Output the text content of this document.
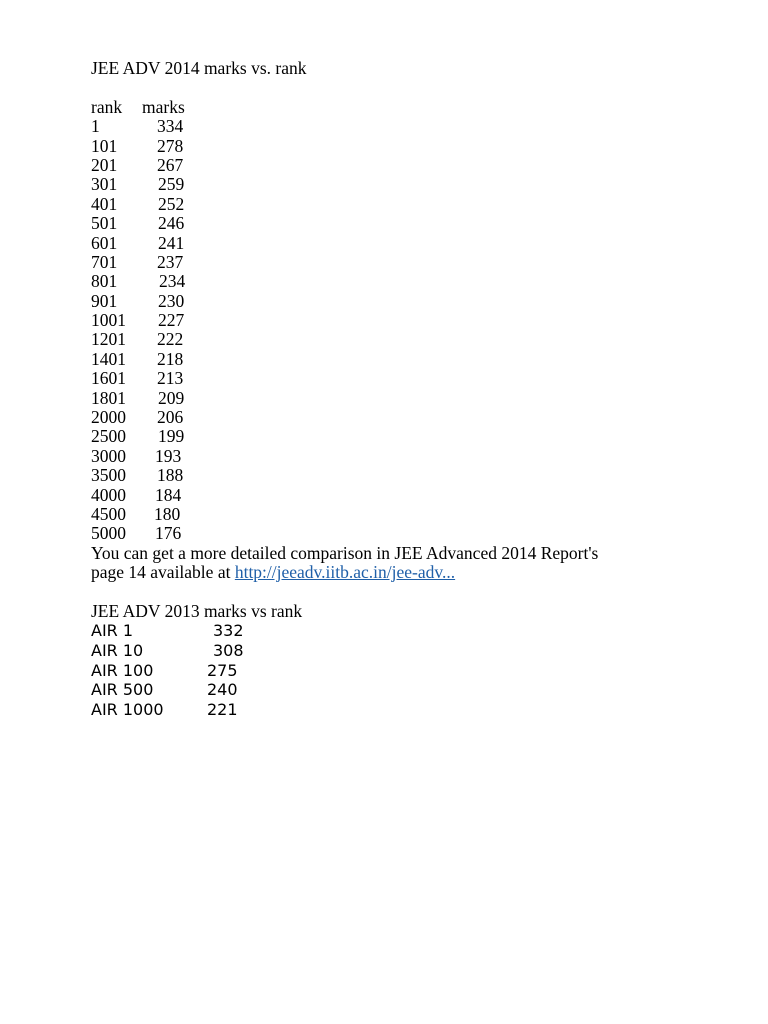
JEE ADV 2014 marks vs. rank

rank	marks
1	334
101	278
201	267
301	259
401	252
501	246
601	241
701	237
801	234
901	230
1001	227
1201	222
1401	218
1601	213
1801	209
2000	206
2500	199
3000	193
3500	188
4000	184
4500	180
5000	176

You can get a more detailed comparison in JEE Advanced 2014 Report's

page 14 available at http://jeeadv.iitb.ac.in/jee-adv...

JEE ADV 2013 marks vs rank

AIR 1	332
AIR 10	308
AIR 100	275
AIR 500	240
AIR 1000	221
